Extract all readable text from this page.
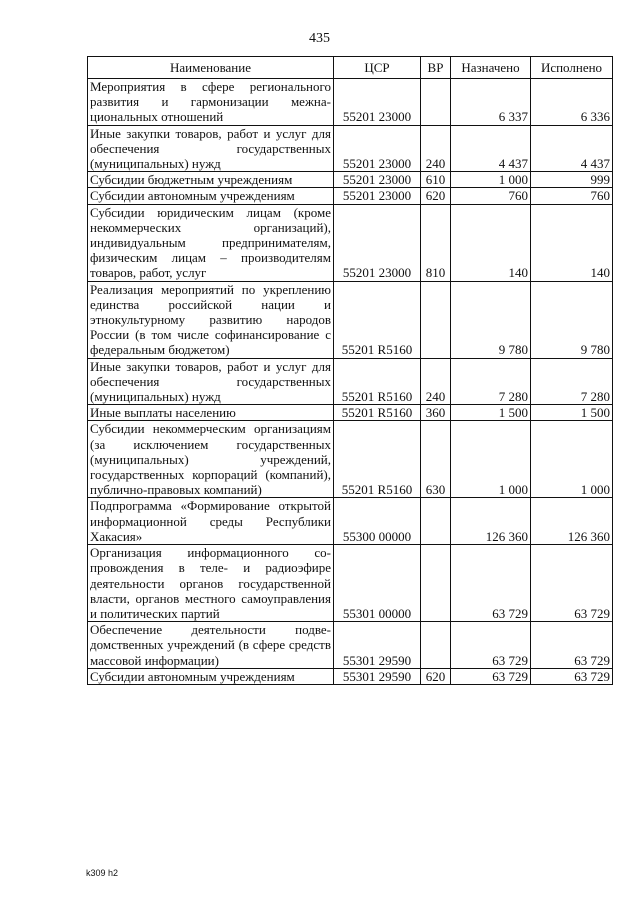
435
Наименование	ЦСР	ВР	Назначено	Исполнено
Мероприятия в сфере регионального развития и гармонизации межнациональных отношений	55201 23000		6 337	6 336
Иные закупки товаров, работ и услуг для обеспечения государственных (муниципальных) нужд	55201 23000	240	4 437	4 437
Субсидии бюджетным учреждениям	55201 23000	610	1 000	999
Субсидии автономным учреждениям	55201 23000	620	760	760
Субсидии юридическим лицам (кроме некоммерческих организаций), индивидуальным предпринимателям, физическим лицам – производителям товаров, работ, услуг	55201 23000	810	140	140
Реализация мероприятий по укреплению единства российской нации и этнокультурному развитию народов России (в том числе софинансирование с федеральным бюджетом)	55201 R5160		9 780	9 780
Иные закупки товаров, работ и услуг для обеспечения государственных (муниципальных) нужд	55201 R5160	240	7 280	7 280
Иные выплаты населению	55201 R5160	360	1 500	1 500
Субсидии некоммерческим организациям (за исключением государственных (муниципальных) учреждений, государственных корпораций (компаний), публично-правовых компаний)	55201 R5160	630	1 000	1 000
Подпрограмма «Формирование открытой информационной среды Республики Хакасия»	55300 00000		126 360	126 360
Организация информационного сопровождения в теле- и радиоэфире деятельности органов государственной власти, органов местного самоуправления и политических партий	55301 00000		63 729	63 729
Обеспечение деятельности подведомственных учреждений (в сфере средств массовой информации)	55301 29590		63 729	63 729
Субсидии автономным учреждениям	55301 29590	620	63 729	63 729
k309 h2
